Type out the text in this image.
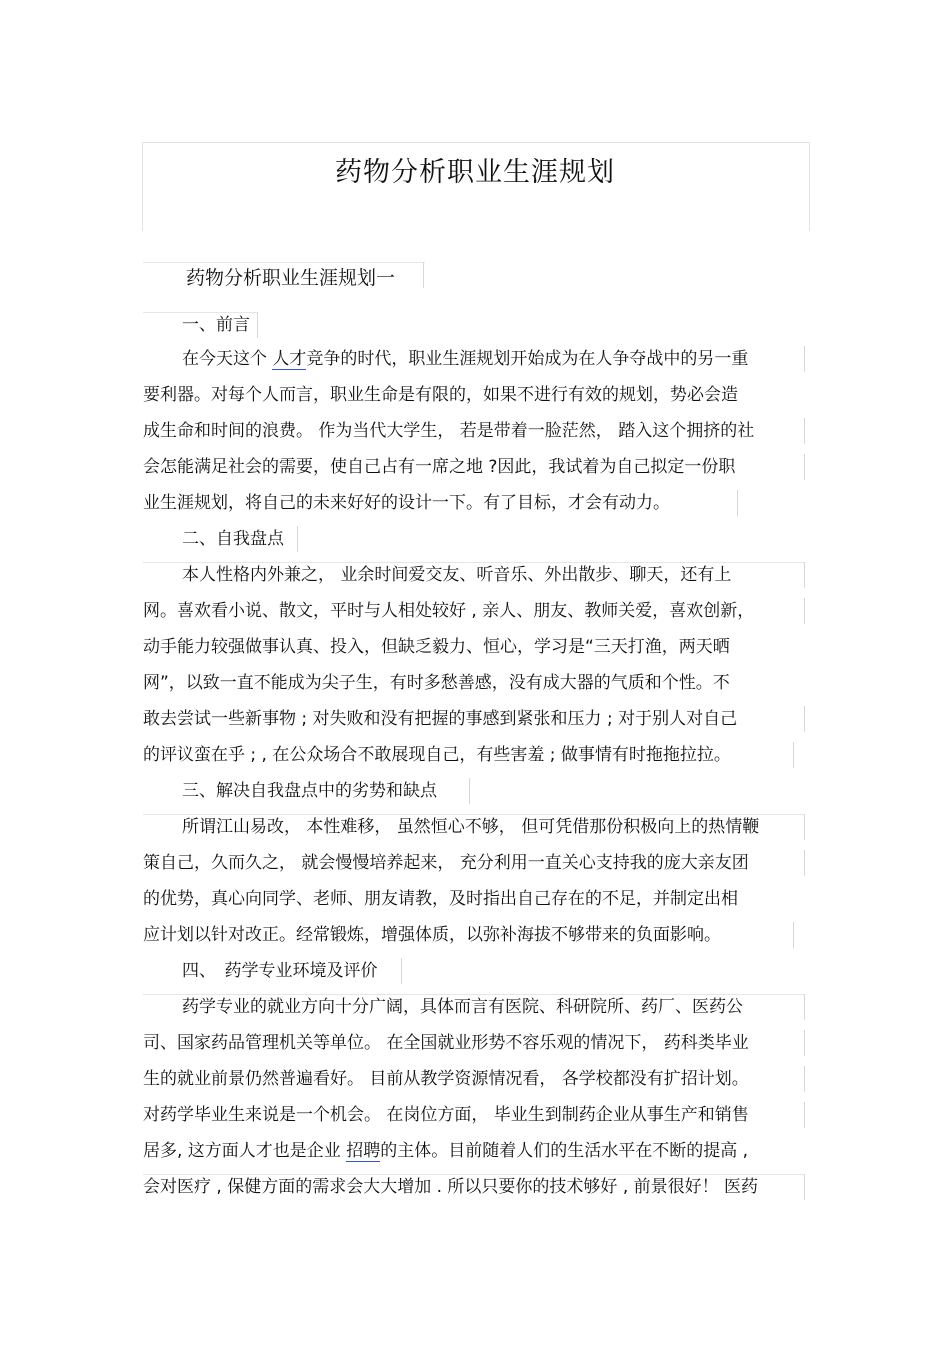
药物分析职业生涯规划
药物分析职业生涯规划一
一、前言
在今天这个 人才竞争的时代，职业生涯规划开始成为在人争夺战中的另一重
要利器。对每个人而言，职业生命是有限的，如果不进行有效的规划，势必会造
成生命和时间的浪费。 作为当代大学生， 若是带着一脸茫然， 踏入这个拥挤的社
会怎能满足社会的需要，使自己占有一席之地 ?因此，我试着为自己拟定一份职
业生涯规划，将自己的未来好好的设计一下。有了目标，才会有动力。
二、自我盘点
本人性格内外兼之， 业余时间爱交友、听音乐、外出散步、聊天，还有上
网。喜欢看小说、散文，平时与人相处较好 , 亲人、朋友、教师关爱，喜欢创新，
动手能力较强做事认真、投入，但缺乏毅力、恒心，学习是“三天打渔，两天晒
网”，以致一直不能成为尖子生，有时多愁善感，没有成大器的气质和个性。不
敢去尝试一些新事物 ; 对失败和没有把握的事感到紧张和压力 ; 对于别人对自己
的评议蛮在乎 ; , 在公众场合不敢展现自己，有些害羞 ; 做事情有时拖拖拉拉。
三、解决自我盘点中的劣势和缺点
所谓江山易改， 本性难移， 虽然恒心不够， 但可凭借那份积极向上的热情鞭
策自己，久而久之， 就会慢慢培养起来， 充分利用一直关心支持我的庞大亲友团
的优势，真心向同学、老师、朋友请教，及时指出自己存在的不足，并制定出相
应计划以针对改正。经常锻炼，增强体质，以弥补海拔不够带来的负面影响。
四、　药学专业环境及评价
药学专业的就业方向十分广阔，具体而言有医院、科研院所、药厂、医药公
司、国家药品管理机关等单位。 在全国就业形势不容乐观的情况下， 药科类毕业
生的就业前景仍然普遍看好。 目前从教学资源情况看， 各学校都没有扩招计划。
对药学毕业生来说是一个机会。 在岗位方面， 毕业生到制药企业从事生产和销售
居多, 这方面人才也是企业 招聘的主体。目前随着人们的生活水平在不断的提高 ,
会对医疗 , 保健方面的需求会大大增加 . 所以只要你的技术够好 , 前景很好！ 医药
